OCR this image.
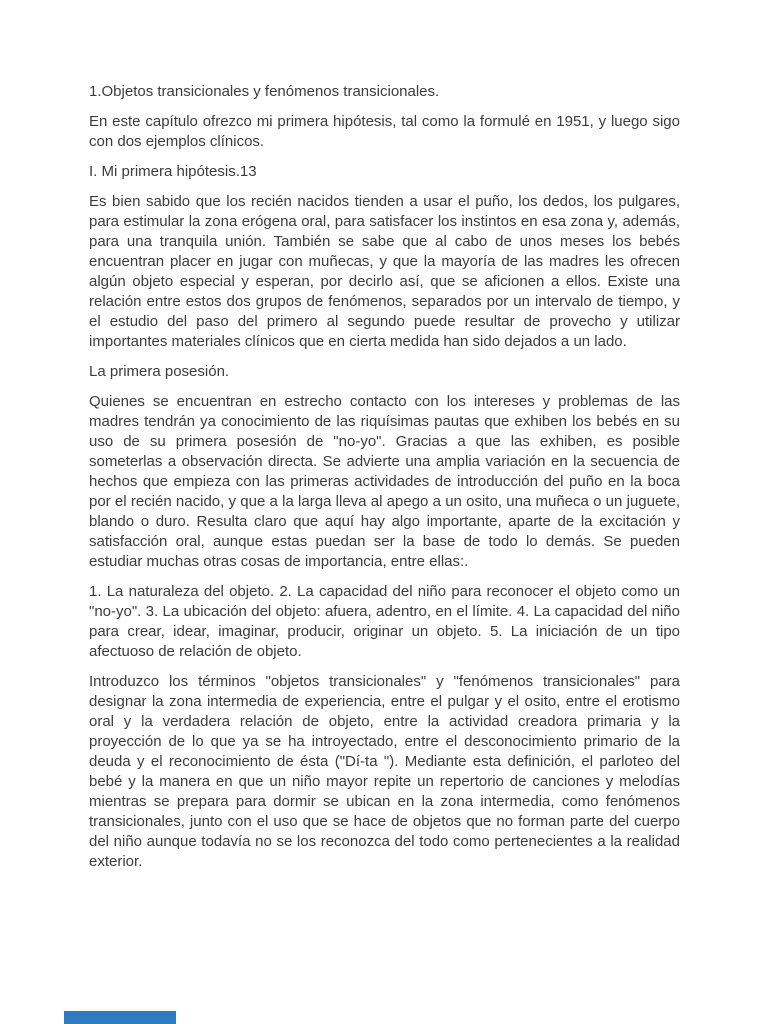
1.Objetos transicionales y fenómenos transicionales.

En este capítulo ofrezco mi primera hipótesis, tal como la formulé en 1951, y luego sigo con dos ejemplos clínicos.

I. Mi primera hipótesis.13

Es bien sabido que los recién nacidos tienden a usar el puño, los dedos, los pulgares, para estimular la zona erógena oral, para satisfacer los instintos en esa zona y, además, para una tranquila unión. También se sabe que al cabo de unos meses los bebés encuentran placer en jugar con muñecas, y que la mayoría de las madres les ofrecen algún objeto especial y esperan, por decirlo así, que se aficionen a ellos. Existe una relación entre estos dos grupos de fenómenos, separados por un intervalo de tiempo, y el estudio del paso del primero al segundo puede resultar de provecho y utilizar importantes materiales clínicos que en cierta medida han sido dejados a un lado.

La primera posesión.

Quienes se encuentran en estrecho contacto con los intereses y problemas de las madres tendrán ya conocimiento de las riquísimas pautas que exhiben los bebés en su uso de su primera posesión de "no-yo". Gracias a que las exhiben, es posible someterlas a observación directa. Se advierte una amplia variación en la secuencia de hechos que empieza con las primeras actividades de introducción del puño en la boca por el recién nacido, y que a la larga lleva al apego a un osito, una muñeca o un juguete, blando o duro. Resulta claro que aquí hay algo importante, aparte de la excitación y satisfacción oral, aunque estas puedan ser la base de todo lo demás. Se pueden estudiar muchas otras cosas de importancia, entre ellas:.

1. La naturaleza del objeto. 2. La capacidad del niño para reconocer el objeto como un "no-yo". 3. La ubicación del objeto: afuera, adentro, en el límite. 4. La capacidad del niño para crear, idear, imaginar, producir, originar un objeto. 5. La iniciación de un tipo afectuoso de relación de objeto.

Introduzco los términos "objetos transicionales" y "fenómenos transicionales" para designar la zona intermedia de experiencia, entre el pulgar y el osito, entre el erotismo oral y la verdadera relación de objeto, entre la actividad creadora primaria y la proyección de lo que ya se ha introyectado, entre el desconocimiento primario de la deuda y el reconocimiento de ésta ("Dí-ta "). Mediante esta definición, el parloteo del bebé y la manera en que un niño mayor repite un repertorio de canciones y melodías mientras se prepara para dormir se ubican en la zona intermedia, como fenómenos transicionales, junto con el uso que se hace de objetos que no forman parte del cuerpo del niño aunque todavía no se los reconozca del todo como pertenecientes a la realidad exterior.
